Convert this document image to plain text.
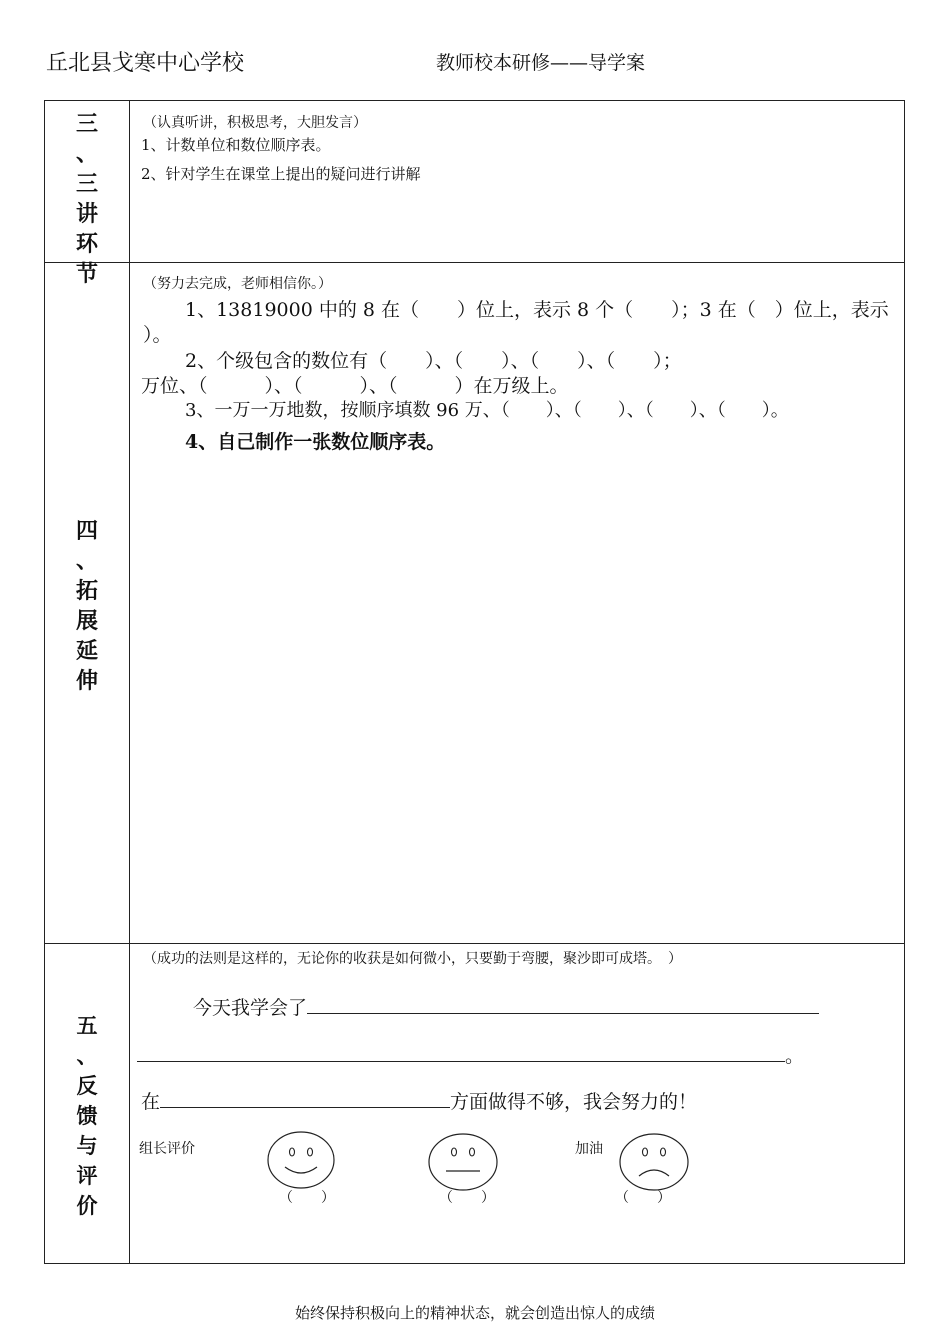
丘北县戈寒中心学校	教师校本研修——导学案
三
、
三
讲
环
节
（认真听讲，积极思考，大胆发言）
1、计数单位和数位顺序表。
2、针对学生在课堂上提出的疑问进行讲解
四
、
拓
展
延
伸
（努力去完成，老师相信你。）
1、13819000 中的 8 在（　　）位上，表示 8 个（　　）；3 在（　）位上，表示
）。
2、个级包含的数位有（　　）、（　　）、（　　）、（　　）；
万位、（　　　）、（　　　）、（　　　）在万级上。
3、一万一万地数，按顺序填数 96 万、（　　）、（　　）、（　　）、（　　）。
4、自己制作一张数位顺序表。
五
、
反
馈
与
评
价
（成功的法则是这样的，无论你的收获是如何微小，只要勤于弯腰，聚沙即可成塔。　）
今天我学会了
。
在	方面做得不够，我会努力的！
组长评价	加油
（　　）	（　　）	（　　）
始终保持积极向上的精神状态，就会创造出惊人的成绩
